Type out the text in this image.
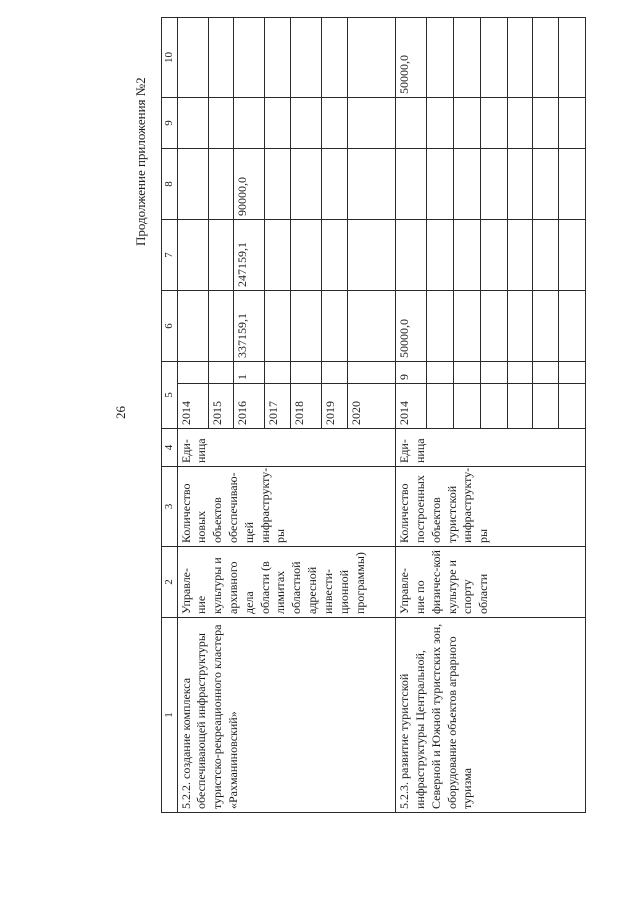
26
Продолжение приложения №2
1	2	3	4	5		6	7	8	9	10
5.2.2. создание комплекса обеспечивающей инфраструктуры туристско-рекреационного кластера «Рахманиновский»	Управле-ние культуры и архивного дела области (в лимитах областной адресной инвести-ционной программы)	Количество новых объектов обеспечиваю-щей инфраструкту-ры	Еди-ница	2014						
				2015						
				2016	1	337159,1	247159,1	90000,0		
				2017						
				2018						
				2019						
				2020						
5.2.3. развитие туристской инфраструктуры Центральной, Северной и Южной туристских зон, оборудование объектов аграрного туризма	Управле-ние по физичес-кой культуре и спорту области	Количество построенных объектов туристской инфраструкту-ры	Еди-ница	2014	9	50000,0				50000,0
